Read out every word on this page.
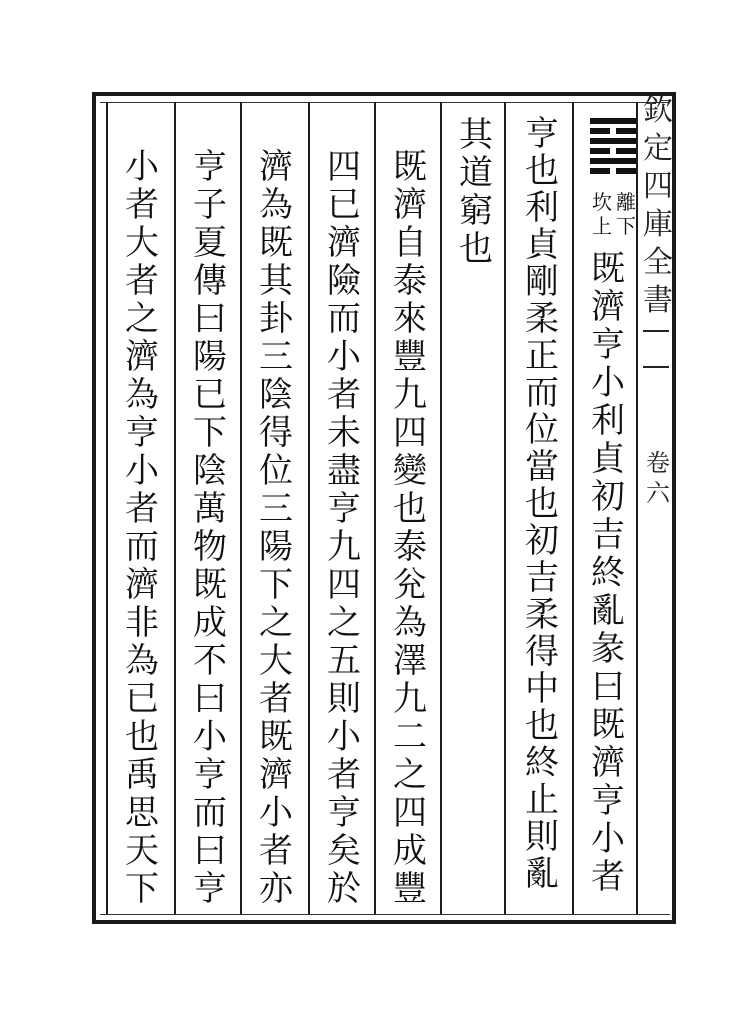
欽
定
四
庫
全
書
卷
六
離
下
坎
上
既
濟
亨
小
利
貞
初
吉
終
亂
彖
曰
既
濟
亨
小
者
亨
也
利
貞
剛
柔
正
而
位
當
也
初
吉
柔
得
中
也
終
止
則
亂
其
道
窮
也
既
濟
自
泰
來
豐
九
四
變
也
泰
兊
為
澤
九
二
之
四
成
豐
四
已
濟
險
而
小
者
未
盡
亨
九
四
之
五
則
小
者
亨
矣
於
濟
為
既
其
卦
三
陰
得
位
三
陽
下
之
大
者
既
濟
小
者
亦
亨
子
夏
傳
曰
陽
已
下
陰
萬
物
既
成
不
曰
小
亨
而
曰
亨
小
者
大
者
之
濟
為
亨
小
者
而
濟
非
為
已
也
禹
思
天
下
